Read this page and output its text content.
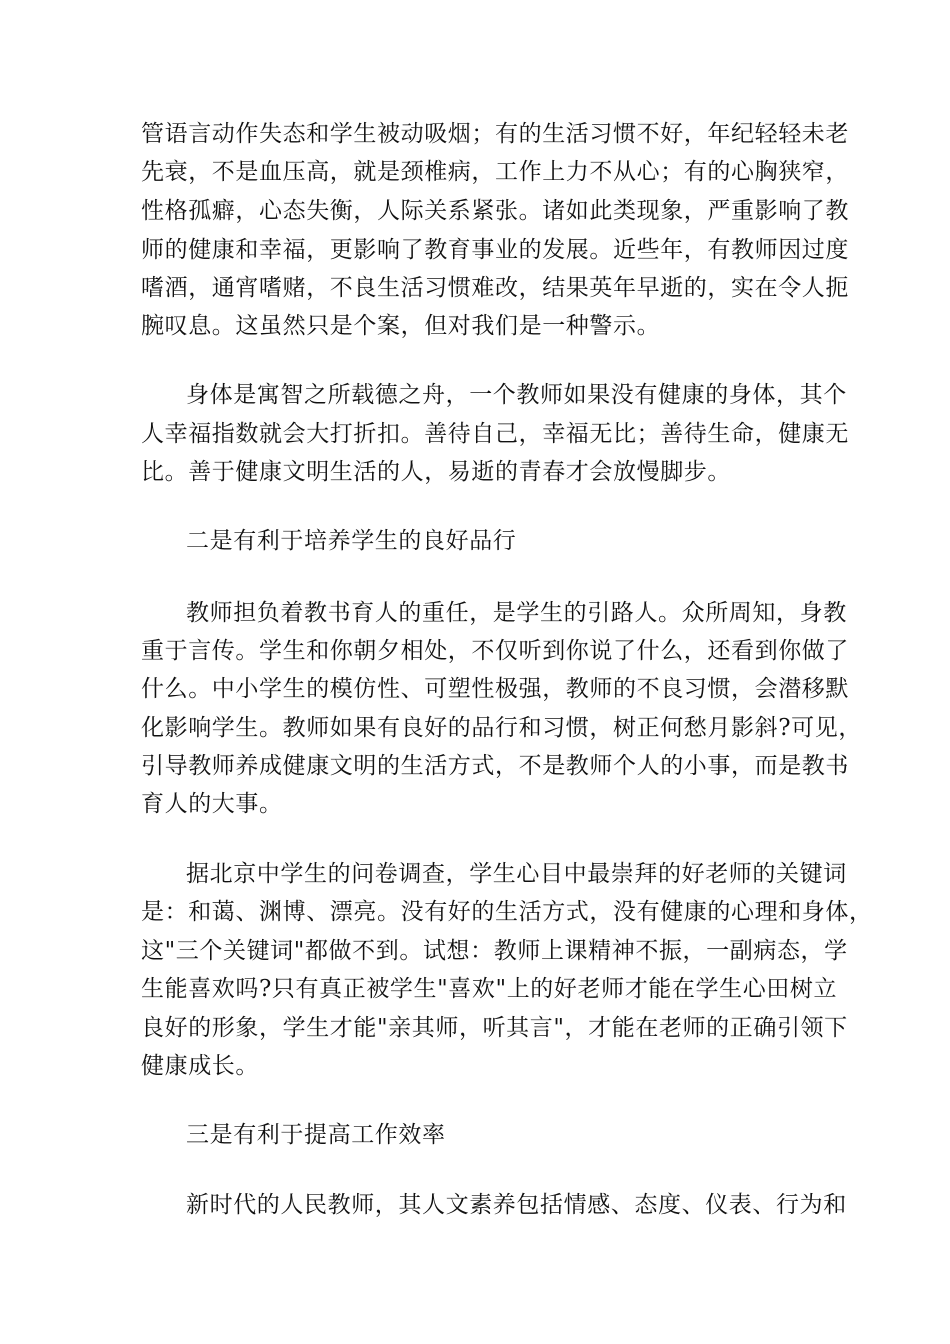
管语言动作失态和学生被动吸烟；有的生活习惯不好，年纪轻轻未老
先衰，不是血压高，就是颈椎病，工作上力不从心；有的心胸狭窄，
性格孤癖，心态失衡，人际关系紧张。诸如此类现象，严重影响了教
师的健康和幸福，更影响了教育事业的发展。近些年，有教师因过度
嗜酒，通宵嗜赌，不良生活习惯难改，结果英年早逝的，实在令人扼
腕叹息。这虽然只是个案，但对我们是一种警示。
身体是寓智之所载德之舟，一个教师如果没有健康的身体，其个
人幸福指数就会大打折扣。善待自己，幸福无比；善待生命，健康无
比。善于健康文明生活的人，易逝的青春才会放慢脚步。
二是有利于培养学生的良好品行
教师担负着教书育人的重任，是学生的引路人。众所周知，身教
重于言传。学生和你朝夕相处，不仅听到你说了什么，还看到你做了
什么。中小学生的模仿性、可塑性极强，教师的不良习惯，会潜移默
化影响学生。教师如果有良好的品行和习惯，树正何愁月影斜?可见，
引导教师养成健康文明的生活方式，不是教师个人的小事，而是教书
育人的大事。
据北京中学生的问卷调查，学生心目中最崇拜的好老师的关键词
是：和蔼、渊博、漂亮。没有好的生活方式，没有健康的心理和身体，
这"三个关键词"都做不到。试想：教师上课精神不振，一副病态，学
生能喜欢吗?只有真正被学生"喜欢"上的好老师才能在学生心田树立
良好的形象，学生才能"亲其师，听其言"，才能在老师的正确引领下
健康成长。
三是有利于提高工作效率
新时代的人民教师，其人文素养包括情感、态度、仪表、行为和
